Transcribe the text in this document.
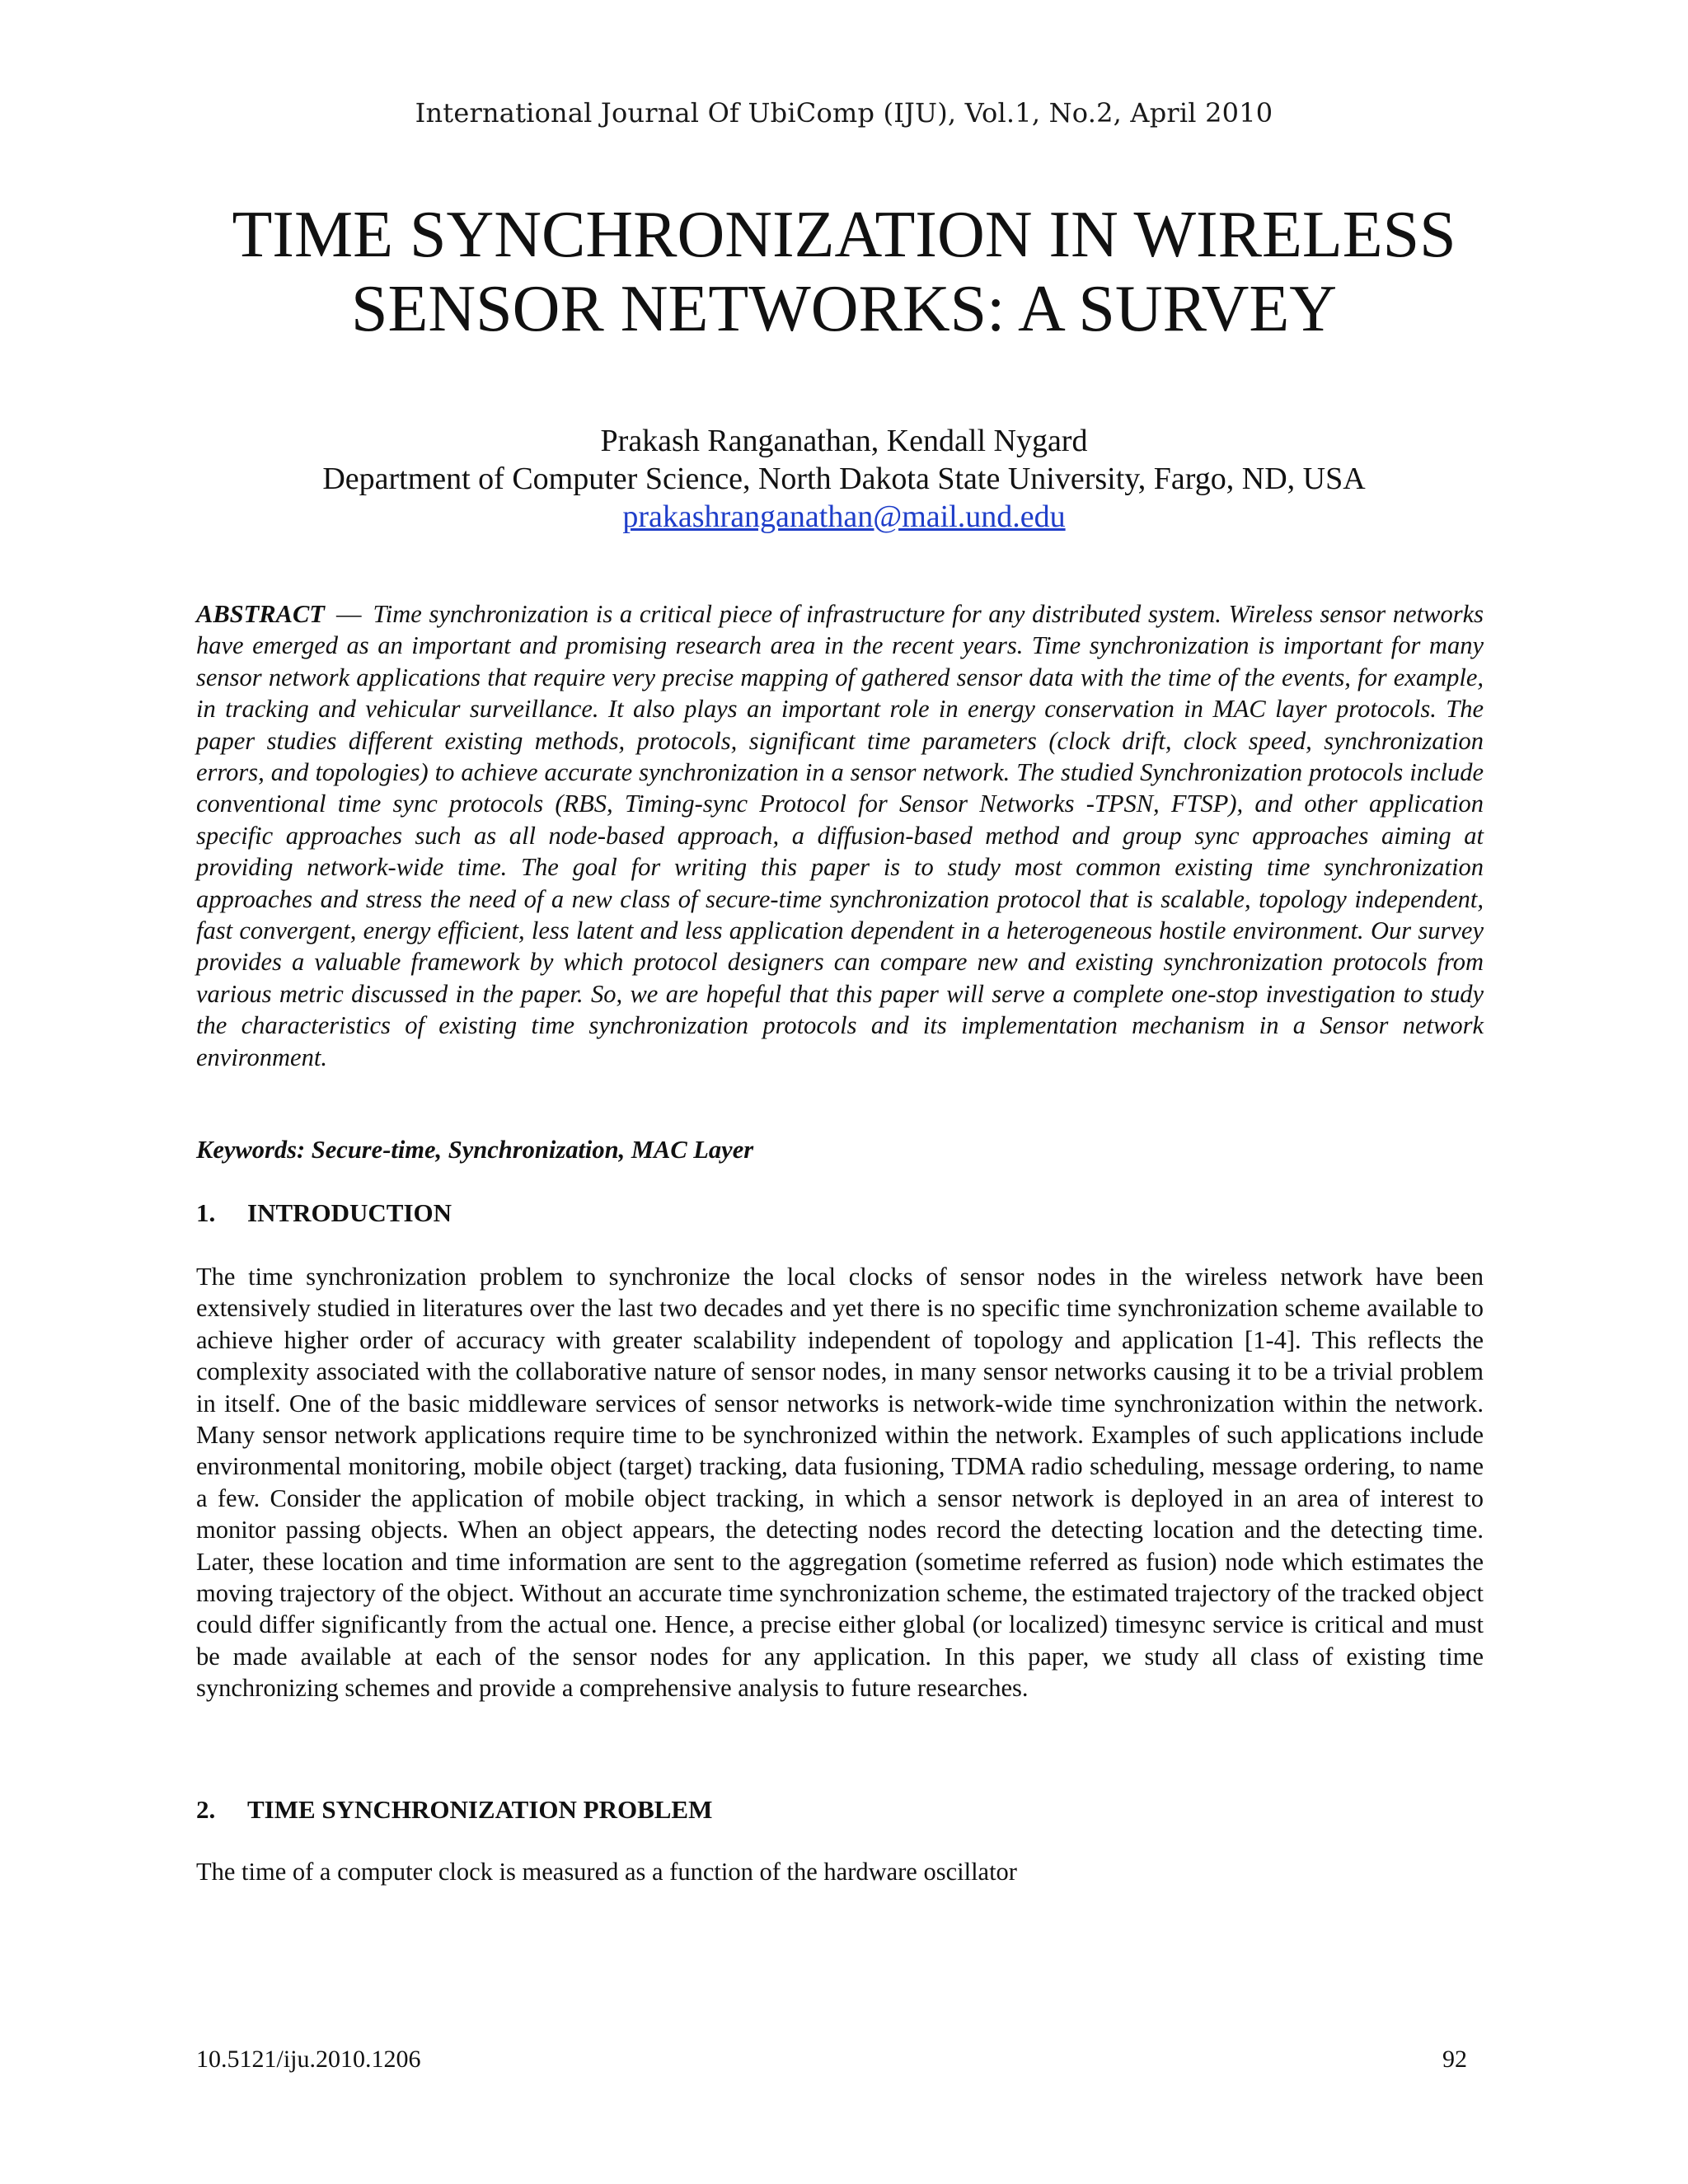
International Journal Of UbiComp (IJU), Vol.1, No.2, April 2010
TIME SYNCHRONIZATION IN WIRELESS
SENSOR NETWORKS: A SURVEY
Prakash Ranganathan, Kendall Nygard
Department of Computer Science, North Dakota State University, Fargo, ND, USA
prakashranganathan@mail.und.edu

ABSTRACT — Time synchronization is a critical piece of infrastructure for any distributed system. Wireless sensor networks have emerged as an important and promising research area in the recent years. Time synchronization is important for many sensor network applications that require very precise mapping of gathered sensor data with the time of the events, for example, in tracking and vehicular surveillance. It also plays an important role in energy conservation in MAC layer protocols. The paper studies different existing methods, protocols, significant time parameters (clock drift, clock speed, synchronization errors, and topologies) to achieve accurate synchronization in a sensor network. The studied Synchronization protocols include conventional time sync protocols (RBS, Timing-sync Protocol for Sensor Networks -TPSN, FTSP), and other application specific approaches such as all node-based approach, a diffusion-based method and group sync approaches aiming at providing network-wide time. The goal for writing this paper is to study most common existing time synchronization approaches and stress the need of a new class of secure-time synchronization protocol that is scalable, topology independent, fast convergent, energy efficient, less latent and less application dependent in a heterogeneous hostile environment. Our survey provides a valuable framework by which protocol designers can compare new and existing synchronization protocols from various metric discussed in the paper. So, we are hopeful that this paper will serve a complete one-stop investigation to study the characteristics of existing time synchronization protocols and its implementation mechanism in a Sensor network environment.

Keywords: Secure-time, Synchronization, MAC Layer
1. INTRODUCTION

The time synchronization problem to synchronize the local clocks of sensor nodes in the wireless network have been extensively studied in literatures over the last two decades and yet there is no specific time synchronization scheme available to achieve higher order of accuracy with greater scalability independent of topology and application [1-4]. This reflects the complexity associated with the collaborative nature of sensor nodes, in many sensor networks causing it to be a trivial problem in itself. One of the basic middleware services of sensor networks is network-wide time synchronization within the network. Many sensor network applications require time to be synchronized within the network. Examples of such applications include environmental monitoring, mobile object (target) tracking, data fusioning, TDMA radio scheduling, message ordering, to name a few. Consider the application of mobile object tracking, in which a sensor network is deployed in an area of interest to monitor passing objects. When an object appears, the detecting nodes record the detecting location and the detecting time. Later, these location and time information are sent to the aggregation (sometime referred as fusion) node which estimates the moving trajectory of the object. Without an accurate time synchronization scheme, the estimated trajectory of the tracked object could differ significantly from the actual one. Hence, a precise either global (or localized) timesync service is critical and must be made available at each of the sensor nodes for any application. In this paper, we study all class of existing time synchronizing schemes and provide a comprehensive analysis to future researches.

2. TIME SYNCHRONIZATION PROBLEM

The time of a computer clock is measured as a function of the hardware oscillator

10.5121/iju.2010.1206	92
